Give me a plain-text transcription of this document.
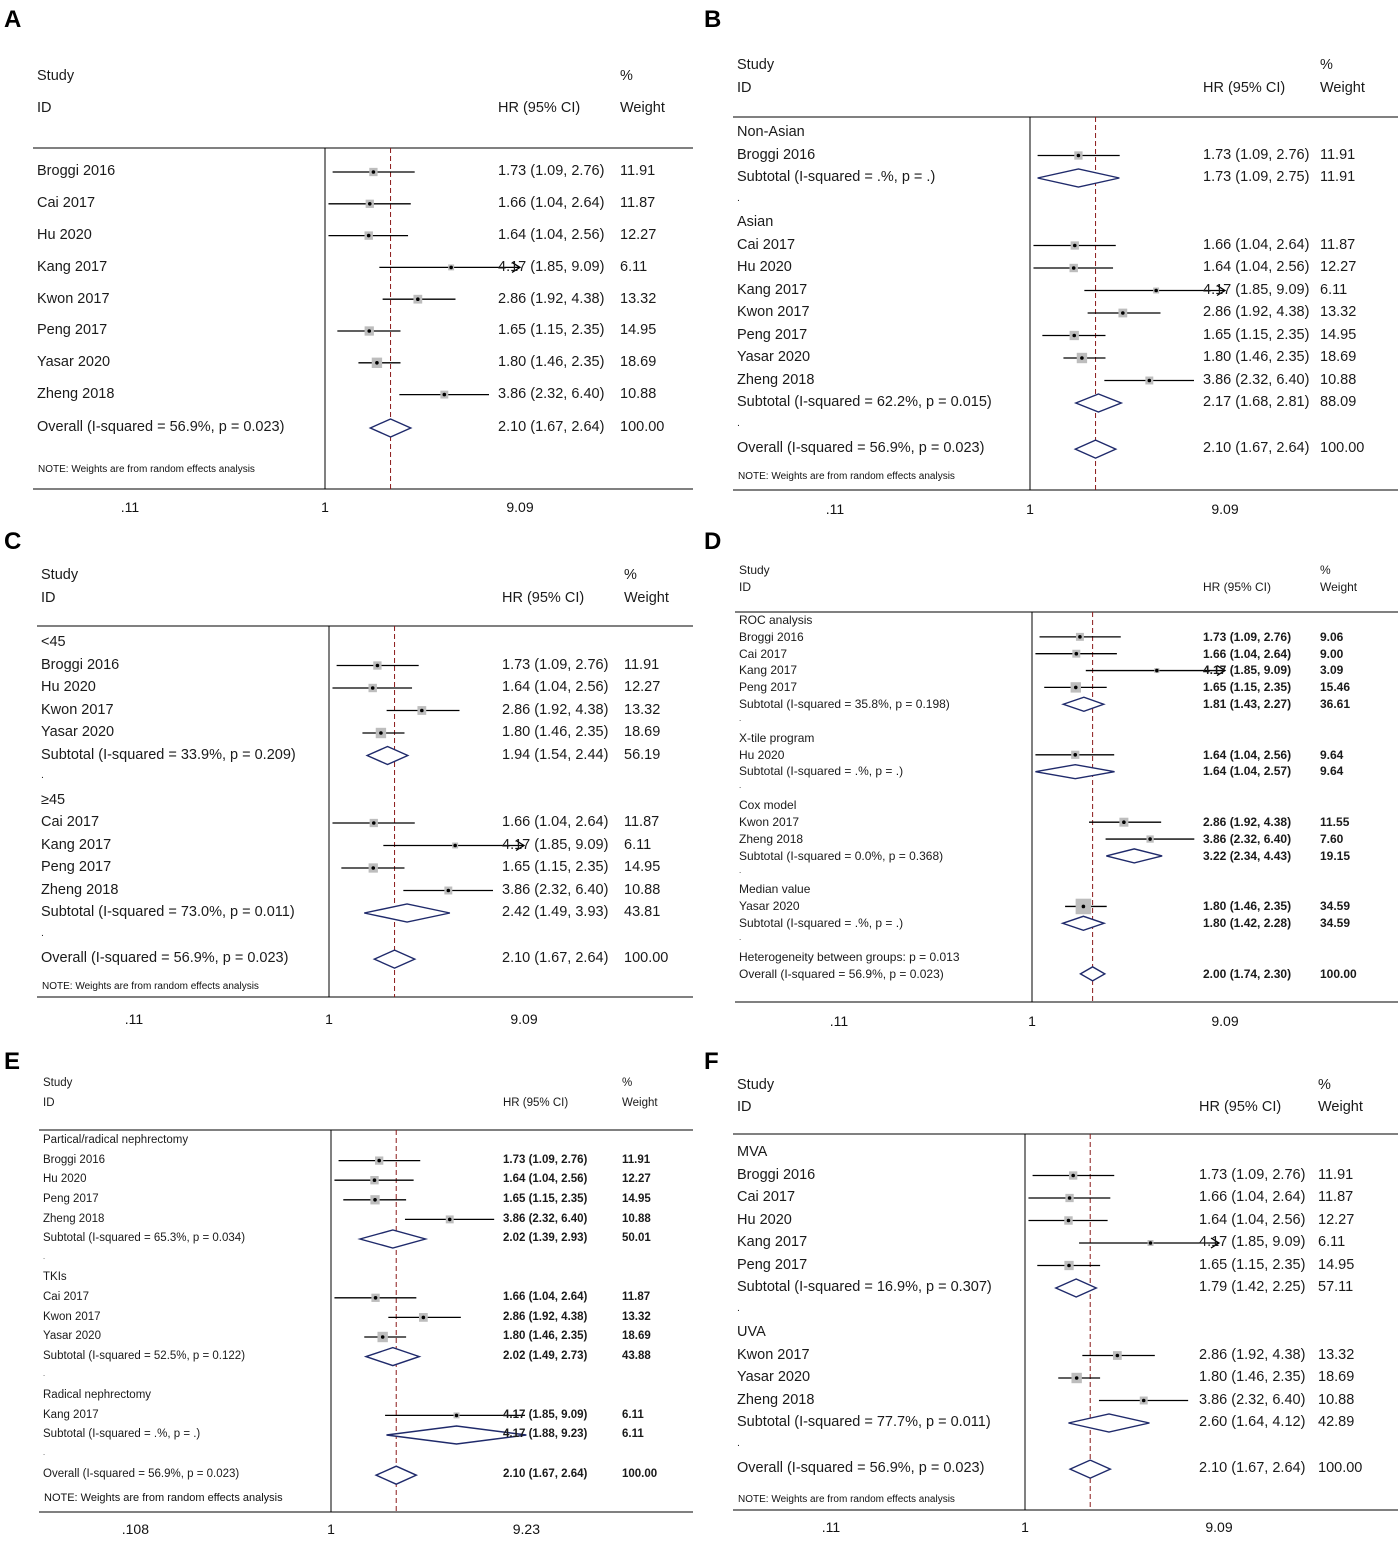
A
Study
ID	HR (95% CI)
%
Weight
Broggi 2016	1.73 (1.09, 2.76) 11.91
Cai 2017	1.66 (1.04, 2.64) 11.87
Hu 2020	1.64 (1.04, 2.56) 12.27
Kang 2017	4.17 (1.85, 9.09) 6.11
Kwon 2017	2.86 (1.92, 4.38) 13.32
Peng 2017	1.65 (1.15, 2.35) 14.95
Yasar 2020	1.80 (1.46, 2.35) 18.69
Zheng 2018	3.86 (2.32, 6.40) 10.88
Overall (I-squared = 56.9%, p = 0.023)	2.10 (1.67, 2.64) 100.00
NOTE: Weights are from random effects analysis
.11	1	9.09
B
Study
ID	HR (95% CI)
%
Weight
Non-Asian
Broggi 2016	1.73 (1.09, 2.76) 11.91
Subtotal (I-squared = .%, p = .)	1.73 (1.09, 2.75) 11.91
.
Asian
Cai 2017	1.66 (1.04, 2.64) 11.87
Hu 2020	1.64 (1.04, 2.56) 12.27
Kang 2017	4.17 (1.85, 9.09) 6.11
Kwon 2017	2.86 (1.92, 4.38) 13.32
Peng 2017	1.65 (1.15, 2.35) 14.95
Yasar 2020	1.80 (1.46, 2.35) 18.69
Zheng 2018	3.86 (2.32, 6.40) 10.88
Subtotal (I-squared = 62.2%, p = 0.015)	2.17 (1.68, 2.81) 88.09
.
Overall (I-squared = 56.9%, p = 0.023)	2.10 (1.67, 2.64) 100.00
NOTE: Weights are from random effects analysis
.11	1	9.09
C
Study
ID	HR (95% CI)
%
Weight
<45
Broggi 2016	1.73 (1.09, 2.76) 11.91
Hu 2020	1.64 (1.04, 2.56) 12.27
Kwon 2017	2.86 (1.92, 4.38) 13.32
Yasar 2020	1.80 (1.46, 2.35) 18.69
Subtotal (I-squared = 33.9%, p = 0.209)	1.94 (1.54, 2.44) 56.19
.
≥45
Cai 2017	1.66 (1.04, 2.64) 11.87
Kang 2017	4.17 (1.85, 9.09) 6.11
Peng 2017	1.65 (1.15, 2.35) 14.95
Zheng 2018	3.86 (2.32, 6.40) 10.88
Subtotal (I-squared = 73.0%, p = 0.011)	2.42 (1.49, 3.93) 43.81
.
Overall (I-squared = 56.9%, p = 0.023)	2.10 (1.67, 2.64) 100.00
NOTE: Weights are from random effects analysis
.11	1	9.09
D
Study
ID	HR (95% CI)
%
Weight
ROC analysis
Broggi 2016	1.73 (1.09, 2.76) 9.06
Cai 2017	1.66 (1.04, 2.64) 9.00
Kang 2017	4.17 (1.85, 9.09) 3.09
Peng 2017	1.65 (1.15, 2.35) 15.46
Subtotal (I-squared = 35.8%, p = 0.198)	1.81 (1.43, 2.27) 36.61
.
X-tile program
Hu 2020	1.64 (1.04, 2.56) 9.64
Subtotal (I-squared = .%, p = .)	1.64 (1.04, 2.57) 9.64
.
Cox model
Kwon 2017	2.86 (1.92, 4.38) 11.55
Zheng 2018	3.86 (2.32, 6.40) 7.60
Subtotal (I-squared = 0.0%, p = 0.368)	3.22 (2.34, 4.43) 19.15
.
Median value
Yasar 2020	1.80 (1.46, 2.35) 34.59
Subtotal (I-squared = .%, p = .)	1.80 (1.42, 2.28) 34.59
.
Heterogeneity between groups: p = 0.013
Overall (I-squared = 56.9%, p = 0.023)	2.00 (1.74, 2.30) 100.00
.11	1	9.09
E
Study
ID	HR (95% CI)
%
Weight
Partical/radical nephrectomy
Broggi 2016	1.73 (1.09, 2.76)	11.91
Hu 2020	1.64 (1.04, 2.56)	12.27
Peng 2017	1.65 (1.15, 2.35)	14.95
Zheng 2018	3.86 (2.32, 6.40)	10.88
Subtotal (I-squared = 65.3%, p = 0.034)	2.02 (1.39, 2.93)	50.01
.
TKIs
Cai 2017	1.66 (1.04, 2.64)	11.87
Kwon 2017	2.86 (1.92, 4.38)	13.32
Yasar 2020	1.80 (1.46, 2.35)	18.69
Subtotal (I-squared = 52.5%, p = 0.122)	2.02 (1.49, 2.73)	43.88
.
Radical nephrectomy
Kang 2017	4.17 (1.85, 9.09)	6.11
Subtotal (I-squared = .%, p = .)	4.17 (1.88, 9.23)	6.11
.
Overall (I-squared = 56.9%, p = 0.023)	2.10 (1.67, 2.64)	100.00
NOTE: Weights are from random effects analysis
.108	1	9.23
F
Study
ID	HR (95% CI)
%
Weight
MVA
Broggi 2016	1.73 (1.09, 2.76) 11.91
Cai 2017	1.66 (1.04, 2.64) 11.87
Hu 2020	1.64 (1.04, 2.56) 12.27
Kang 2017	4.17 (1.85, 9.09) 6.11
Peng 2017	1.65 (1.15, 2.35) 14.95
Subtotal (I-squared = 16.9%, p = 0.307)	1.79 (1.42, 2.25) 57.11
.
UVA
Kwon 2017	2.86 (1.92, 4.38) 13.32
Yasar 2020	1.80 (1.46, 2.35) 18.69
Zheng 2018	3.86 (2.32, 6.40) 10.88
Subtotal (I-squared = 77.7%, p = 0.011)	2.60 (1.64, 4.12) 42.89
.
Overall (I-squared = 56.9%, p = 0.023)	2.10 (1.67, 2.64) 100.00
NOTE: Weights are from random effects analysis
.11	1	9.09
